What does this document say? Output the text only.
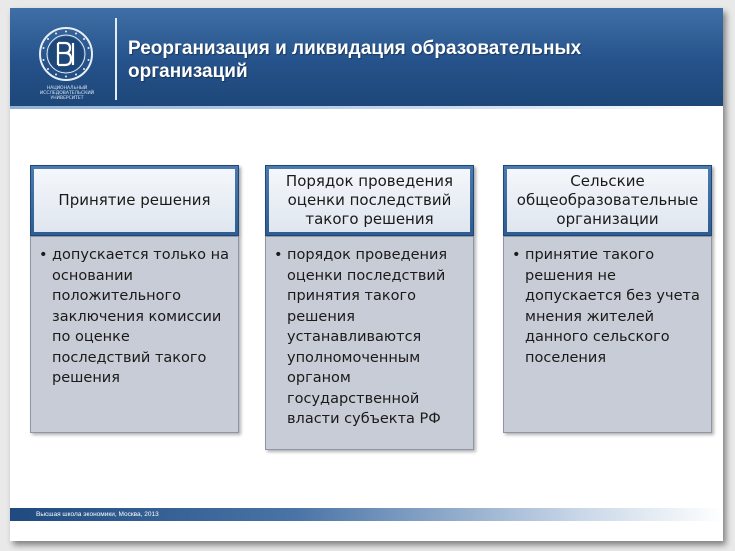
НАЦИОНАЛЬНЫЙ ИССЛЕДОВАТЕЛЬСКИЙ УНИВЕРСИТЕТ
Реорганизация и ликвидация образовательных организаций
Принятие решения
• допускается только на основании положительного заключения комиссии по оценке последствий такого решения
Порядок проведения оценки последствий такого решения
• порядок проведения оценки последствий принятия такого решения устанавливаются уполномоченным органом государственной власти субъекта РФ
Сельские общеобразовательные организации
• принятие такого решения не допускается без учета мнения жителей данного сельского поселения
Высшая школа экономики, Москва, 2013
